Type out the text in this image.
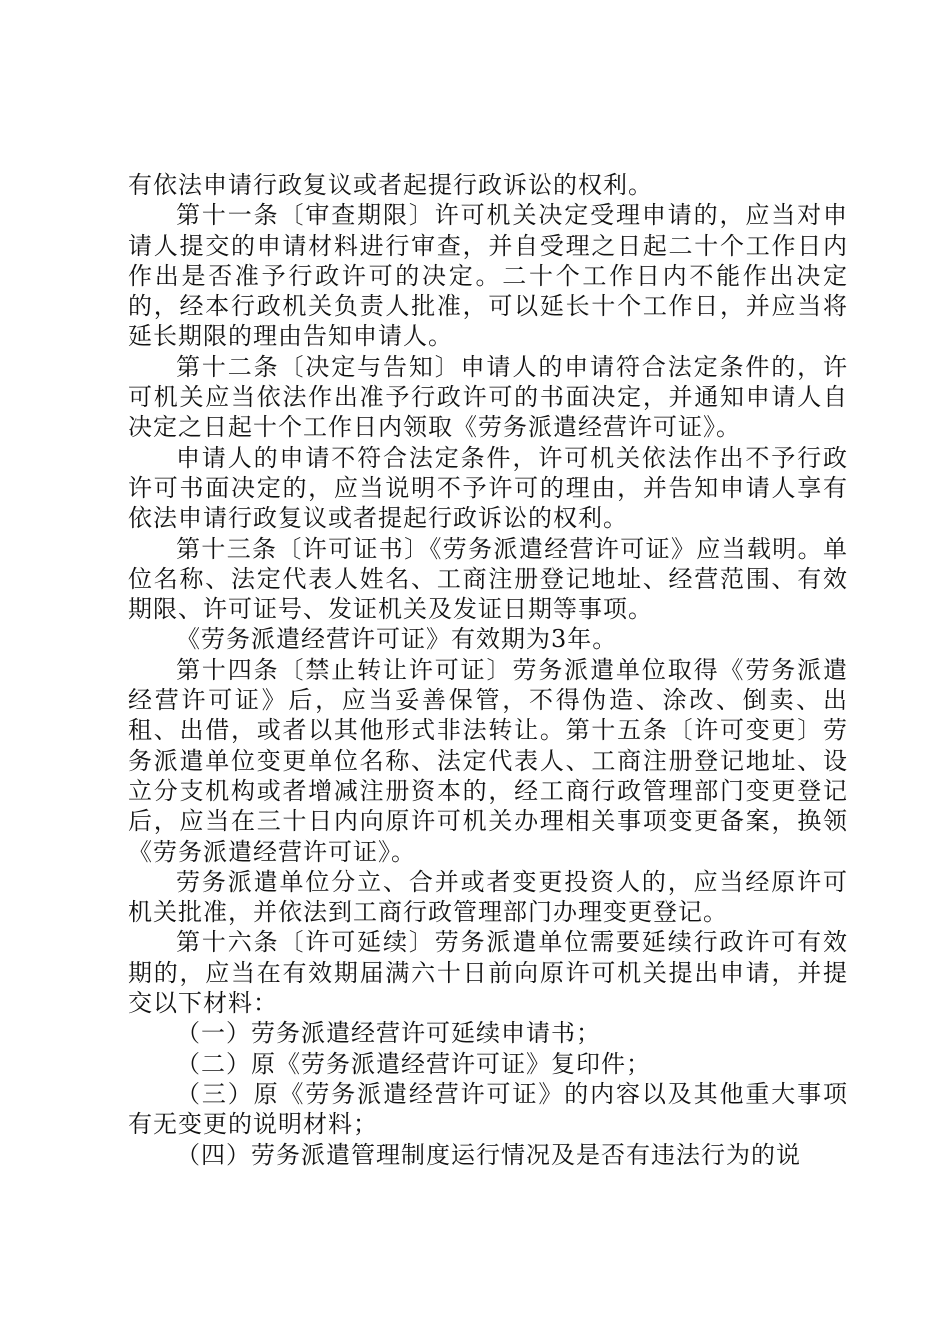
有依法申请行政复议或者起提行政诉讼的权利。

第十一条〔审查期限〕许可机关决定受理申请的，应当对申请人提交的申请材料进行审查，并自受理之日起二十个工作日内作出是否准予行政许可的决定。二十个工作日内不能作出决定的，经本行政机关负责人批准，可以延长十个工作日，并应当将延长期限的理由告知申请人。

第十二条〔决定与告知〕申请人的申请符合法定条件的，许可机关应当依法作出准予行政许可的书面决定，并通知申请人自决定之日起十个工作日内领取《劳务派遣经营许可证》。

申请人的申请不符合法定条件，许可机关依法作出不予行政许可书面决定的，应当说明不予许可的理由，并告知申请人享有依法申请行政复议或者提起行政诉讼的权利。

第十三条〔许可证书〕《劳务派遣经营许可证》应当载明。单位名称、法定代表人姓名、工商注册登记地址、经营范围、有效期限、许可证号、发证机关及发证日期等事项。

《劳务派遣经营许可证》有效期为3年。

第十四条〔禁止转让许可证〕劳务派遣单位取得《劳务派遣经营许可证》后，应当妥善保管，不得伪造、涂改、倒卖、出租、出借，或者以其他形式非法转让。第十五条〔许可变更〕劳务派遣单位变更单位名称、法定代表人、工商注册登记地址、设立分支机构或者增减注册资本的，经工商行政管理部门变更登记后，应当在三十日内向原许可机关办理相关事项变更备案，换领《劳务派遣经营许可证》。

劳务派遣单位分立、合并或者变更投资人的，应当经原许可机关批准，并依法到工商行政管理部门办理变更登记。

第十六条〔许可延续〕劳务派遣单位需要延续行政许可有效期的，应当在有效期届满六十日前向原许可机关提出申请，并提交以下材料：

（一）劳务派遣经营许可延续申请书；

（二）原《劳务派遣经营许可证》复印件；

（三）原《劳务派遣经营许可证》的内容以及其他重大事项有无变更的说明材料；

（四）劳务派遣管理制度运行情况及是否有违法行为的说
